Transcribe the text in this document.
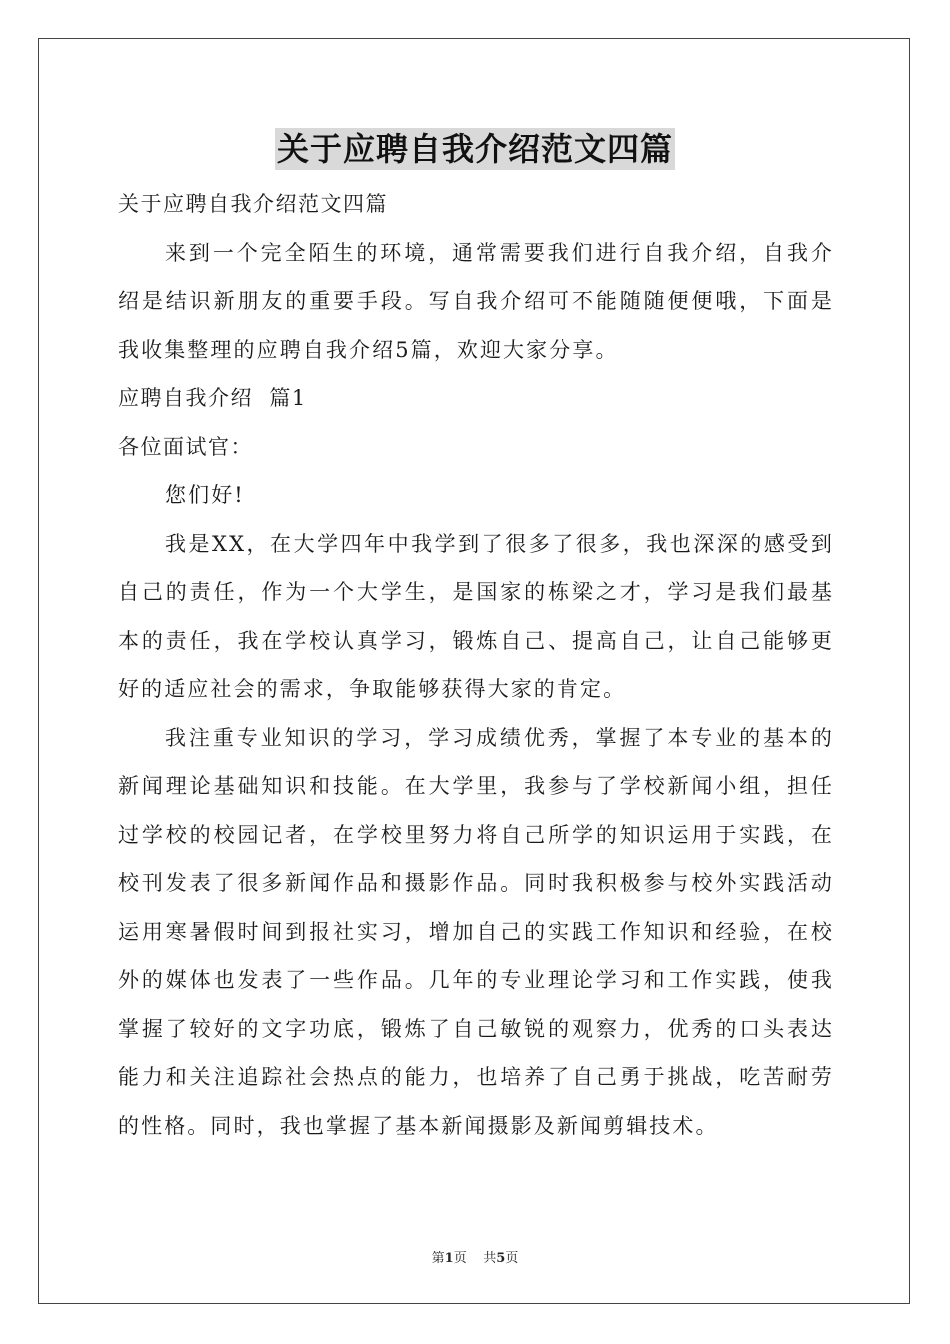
关于应聘自我介绍范文四篇

关于应聘自我介绍范文四篇

来到一个完全陌生的环境，通常需要我们进行自我介绍，自我介绍是结识新朋友的重要手段。写自我介绍可不能随随便便哦，下面是我收集整理的应聘自我介绍5篇，欢迎大家分享。

应聘自我介绍  篇1

各位面试官：

您们好!

我是XX，在大学四年中我学到了很多了很多，我也深深的感受到自己的责任，作为一个大学生，是国家的栋梁之才，学习是我们最基本的责任，我在学校认真学习，锻炼自己、提高自己，让自己能够更好的适应社会的需求，争取能够获得大家的肯定。

我注重专业知识的学习，学习成绩优秀，掌握了本专业的基本的新闻理论基础知识和技能。在大学里，我参与了学校新闻小组，担任过学校的校园记者，在学校里努力将自己所学的知识运用于实践，在校刊发表了很多新闻作品和摄影作品。同时我积极参与校外实践活动运用寒暑假时间到报社实习，增加自己的实践工作知识和经验，在校外的媒体也发表了一些作品。几年的专业理论学习和工作实践，使我掌握了较好的文字功底，锻炼了自己敏锐的观察力，优秀的口头表达能力和关注追踪社会热点的能力，也培养了自己勇于挑战，吃苦耐劳的性格。同时，我也掌握了基本新闻摄影及新闻剪辑技术。

第1页 共5页
